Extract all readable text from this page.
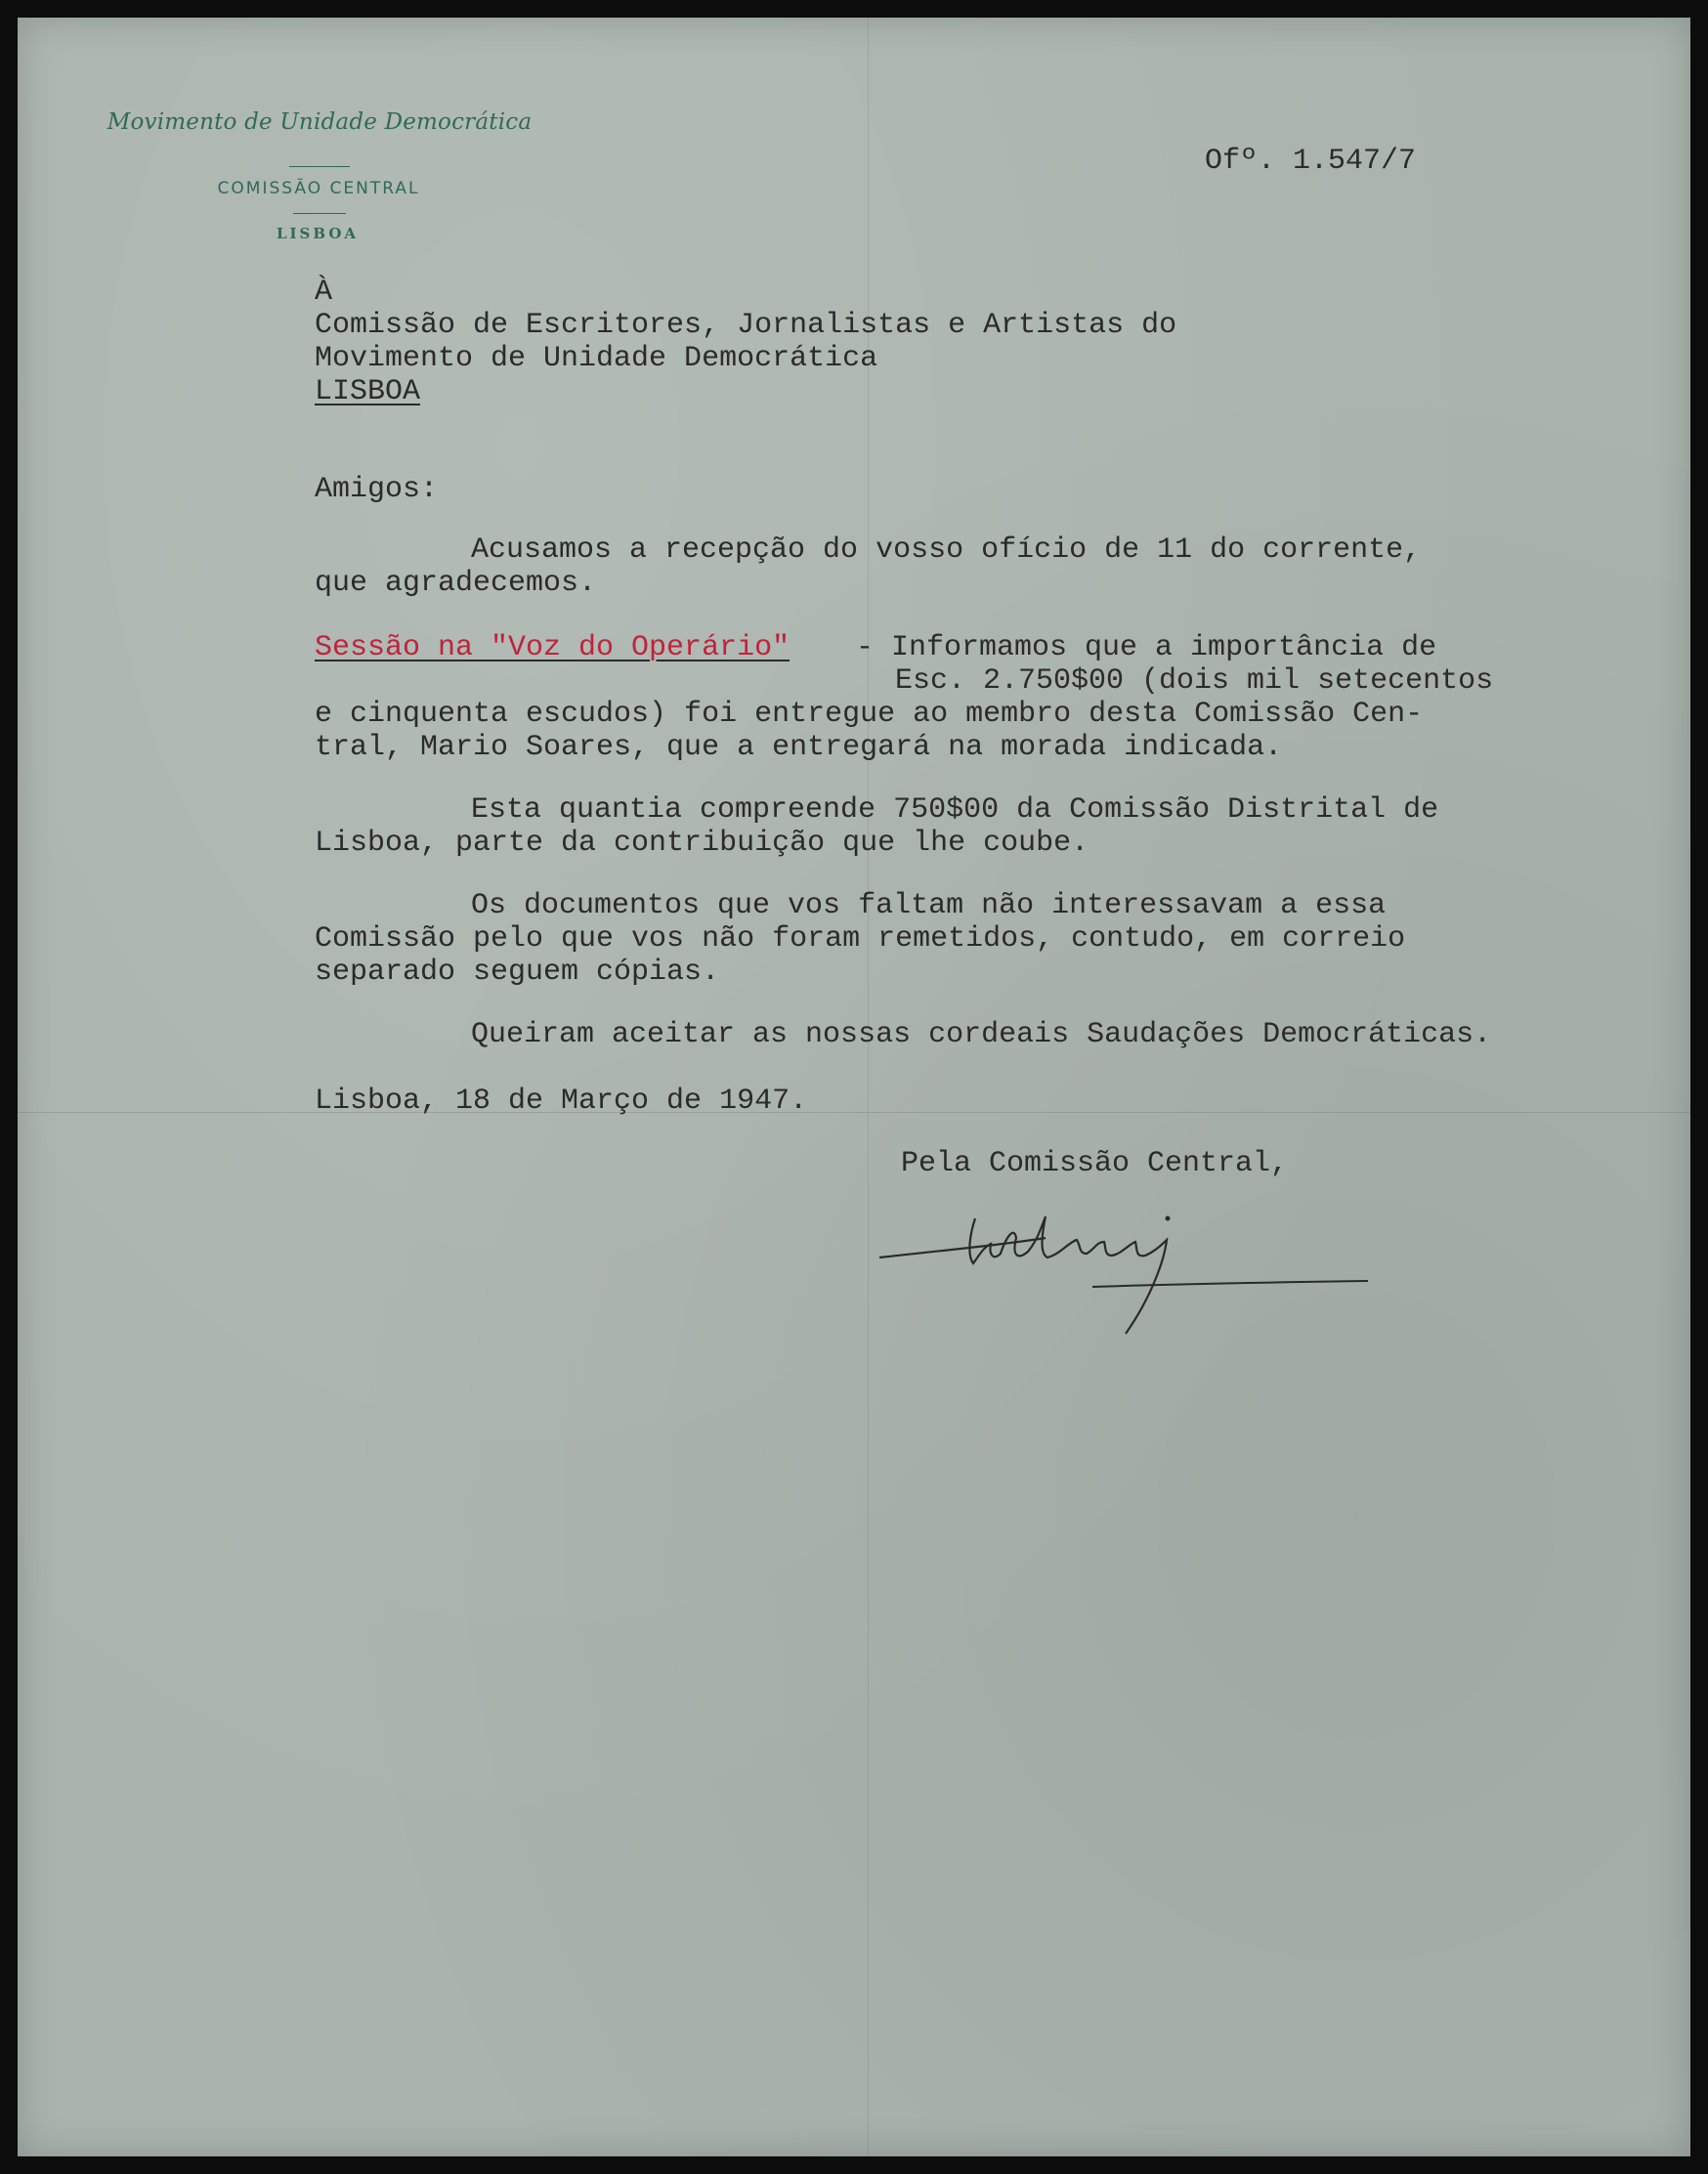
Movimento de Unidade Democrática
COMISSÃO CENTRAL
LISBOA
Ofº. 1.547/7
À
Comissão de Escritores, Jornalistas e Artistas do
Movimento de Unidade Democrática
LISBOA
Amigos:
Acusamos a recepção do vosso ofício de 11 do corrente,
que agradecemos.
Sessão na "Voz do Operário" - Informamos que a importância de
Esc. 2.750$00 (dois mil setecentos
e cinquenta escudos) foi entregue ao membro desta Comissão Cen-
tral, Mario Soares, que a entregará na morada indicada.
Esta quantia compreende 750$00 da Comissão Distrital de
Lisboa, parte da contribuição que lhe coube.
Os documentos que vos faltam não interessavam a essa
Comissão pelo que vos não foram remetidos, contudo, em correio
separado seguem cópias.
Queiram aceitar as nossas cordeais Saudações Democráticas.
Lisboa, 18 de Março de 1947.
Pela Comissão Central,
